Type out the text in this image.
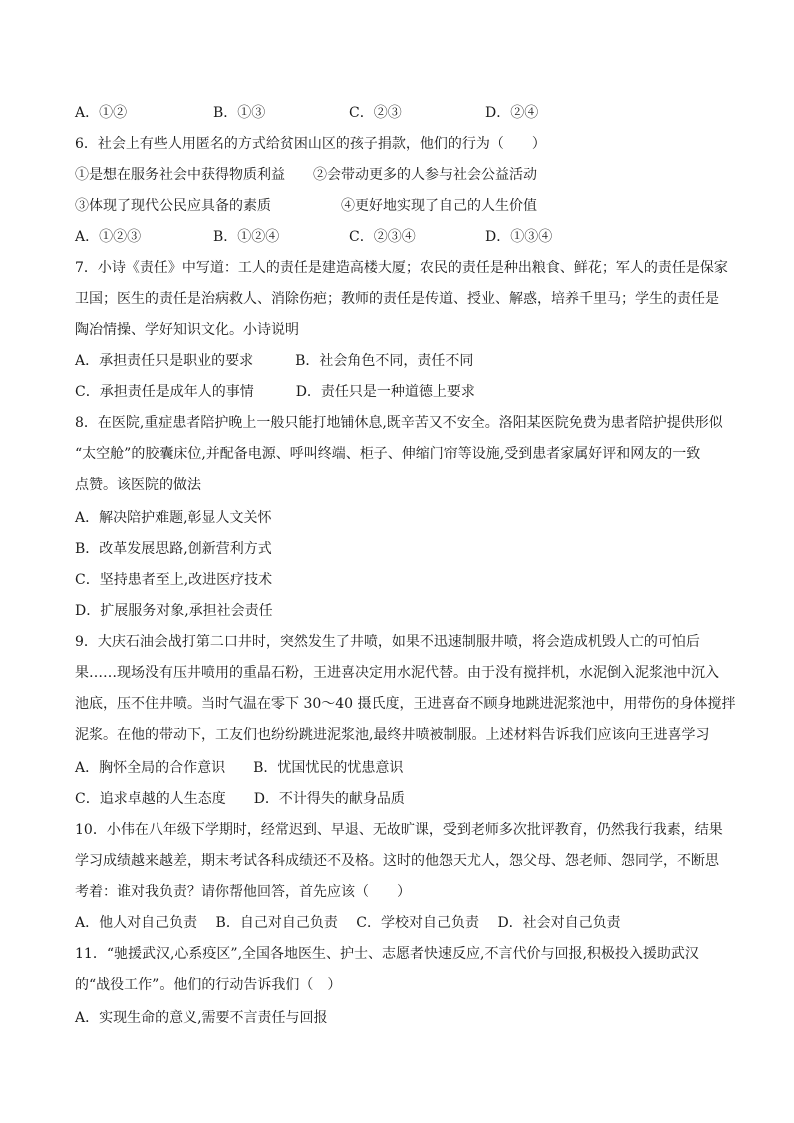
A．①②	B．①③	C．②③	D．②④
6．社会上有些人用匿名的方式给贫困山区的孩子捐款，他们的行为（　　）
①是想在服务社会中获得物质利益　　②会带动更多的人参与社会公益活动
③体现了现代公民应具备的素质　　　　　④更好地实现了自己的人生价值
A．①②③	B．①②④	C．②③④	D．①③④
7．小诗《责任》中写道：工人的责任是建造高楼大厦；农民的责任是种出粮食、鲜花；军人的责任是保家
卫国；医生的责任是治病救人、消除伤疤；教师的责任是传道、授业、解惑，培养千里马；学生的责任是
陶冶情操、学好知识文化。小诗说明
A．承担责任只是职业的要求　　　B．社会角色不同，责任不同
C．承担责任是成年人的事情　　　D．责任只是一种道德上要求
8．在医院,重症患者陪护晚上一般只能打地铺休息,既辛苦又不安全。洛阳某医院免费为患者陪护提供形似
“太空舱”的胶囊床位,并配备电源、呼叫终端、柜子、伸缩门帘等设施,受到患者家属好评和网友的一致
点赞。该医院的做法
A．解决陪护难题,彰显人文关怀
B．改革发展思路,创新营利方式
C．坚持患者至上,改进医疗技术
D．扩展服务对象,承担社会责任
9．大庆石油会战打第二口井时，突然发生了井喷，如果不迅速制服井喷，将会造成机毁人亡的可怕后
果……现场没有压井喷用的重晶石粉，王进喜决定用水泥代替。由于没有搅拌机，水泥倒入泥浆池中沉入
池底，压不住井喷。当时气温在零下 30～40 摄氏度，王进喜奋不顾身地跳进泥浆池中，用带伤的身体搅拌
泥浆。在他的带动下，工友们也纷纷跳进泥浆池,最终井喷被制服。上述材料告诉我们应该向王进喜学习
A．胸怀全局的合作意识　　B．忧国忧民的忧患意识
C．追求卓越的人生态度　　D．不计得失的献身品质
10．小伟在八年级下学期时，经常迟到、早退、无故旷课，受到老师多次批评教育，仍然我行我素，结果
学习成绩越来越差，期末考试各科成绩还不及格。这时的他怨天尤人，怨父母、怨老师、怨同学，不断思
考着：谁对我负责？请你帮他回答，首先应该（　　）
A．他人对自己负责　 B．自己对自己负责　 C．学校对自己负责　 D．社会对自己负责
11．“驰援武汉,心系疫区”,全国各地医生、护士、志愿者快速反应,不言代价与回报,积极投入援助武汉
的“战役工作”。他们的行动告诉我们（　）
A．实现生命的意义,需要不言责任与回报
